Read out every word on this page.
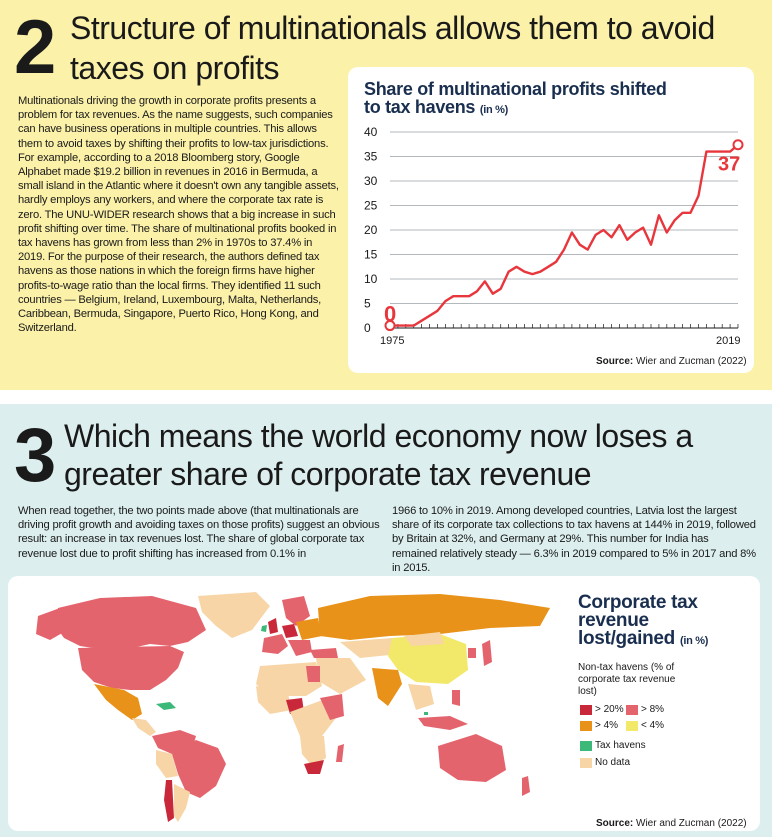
2 Structure of multinationals allows them to avoid
taxes on profits
Multinationals driving the growth in corporate profits presents a problem for tax revenues. As the name suggests, such companies can have business operations in multiple countries. This allows them to avoid taxes by shifting their profits to low-tax jurisdictions. For example, according to a 2018 Bloomberg story, Google Alphabet made $19.2 billion in revenues in 2016 in Bermuda, a small island in the Atlantic where it doesn't own any tangible assets, hardly employs any workers, and where the corporate tax rate is zero. The UNU-WIDER research shows that a big increase in such profit shifting over time. The share of multinational profits booked in tax havens has grown from less than 2% in 1970s to 37.4% in 2019. For the purpose of their research, the authors defined tax havens as those nations in which the foreign firms have higher profits-to-wage ratio than the local firms. They identified 11 such countries — Belgium, Ireland, Luxembourg, Malta, Netherlands, Caribbean, Bermuda, Singapore, Puerto Rico, Hong Kong, and Switzerland.
Share of multinational profits shifted
to tax havens (in %)
0
5
10
15
20
25
30
35
40
1975	2019
0
37
Source: Wier and Zucman (2022)
3 Which means the world economy now loses a
greater share of corporate tax revenue
When read together, the two points made above (that multinationals are driving profit growth and avoiding taxes on those profits) suggest an obvious result: an increase in tax revenues lost. The share of global corporate tax revenue lost due to profit shifting has increased from 0.1% in
1966 to 10% in 2019. Among developed countries, Latvia lost the largest share of its corporate tax collections to tax havens at 144% in 2019, followed by Britain at 32%, and Germany at 29%. This number for India has remained relatively steady — 6.3% in 2019 compared to 5% in 2017 and 8% in 2015.
Corporate tax
revenue
lost/gained (in %)
Non-tax havens (% of corporate tax revenue lost)
> 20% > 8%
> 4% < 4%
Tax havens
No data
Source: Wier and Zucman (2022)
